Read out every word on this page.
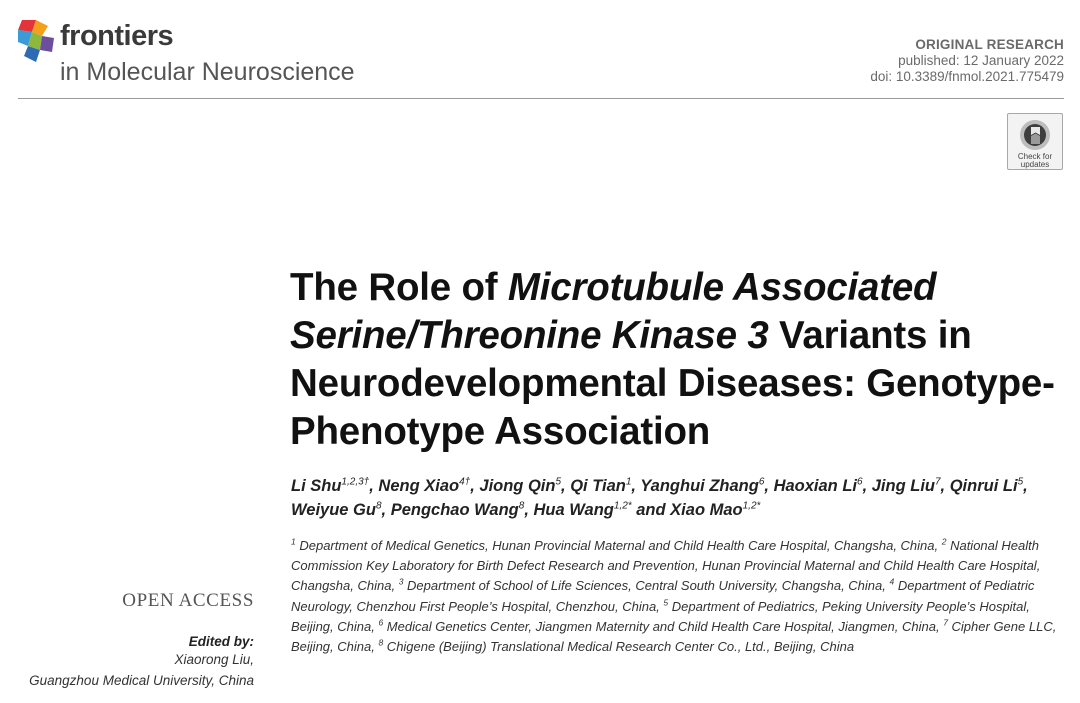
frontiers
in Molecular Neuroscience
ORIGINAL RESEARCH
published: 12 January 2022
doi: 10.3389/fnmol.2021.775479
Check for
updates
The Role of Microtubule Associated Serine/Threonine Kinase 3 Variants in Neurodevelopmental Diseases: Genotype-Phenotype Association
Li Shu$^{1,2,3\dagger}$, Neng Xiao$^{4\dagger}$, Jiong Qin$^5$, Qi Tian$^1$, Yanghui Zhang$^6$, Haoxian Li$^6$, Jing Liu$^7$, Qinrui Li$^5$, Weiyue Gu$^8$, Pengchao Wang$^8$, Hua Wang$^{1,2*}$ and Xiao Mao$^{1,2*}$
$^1$ Department of Medical Genetics, Hunan Provincial Maternal and Child Health Care Hospital, Changsha, China, $^2$ National Health Commission Key Laboratory for Birth Defect Research and Prevention, Hunan Provincial Maternal and Child Health Care Hospital, Changsha, China, $^3$ Department of School of Life Sciences, Central South University, Changsha, China, $^4$ Department of Pediatric Neurology, Chenzhou First People’s Hospital, Chenzhou, China, $^5$ Department of Pediatrics, Peking University People’s Hospital, Beijing, China, $^6$ Medical Genetics Center, Jiangmen Maternity and Child Health Care Hospital, Jiangmen, China, $^7$ Cipher Gene LLC, Beijing, China, $^8$ Chigene (Beijing) Translational Medical Research Center Co., Ltd., Beijing, China
OPEN ACCESS
Edited by:
Xiaorong Liu,
Guangzhou Medical University, China
